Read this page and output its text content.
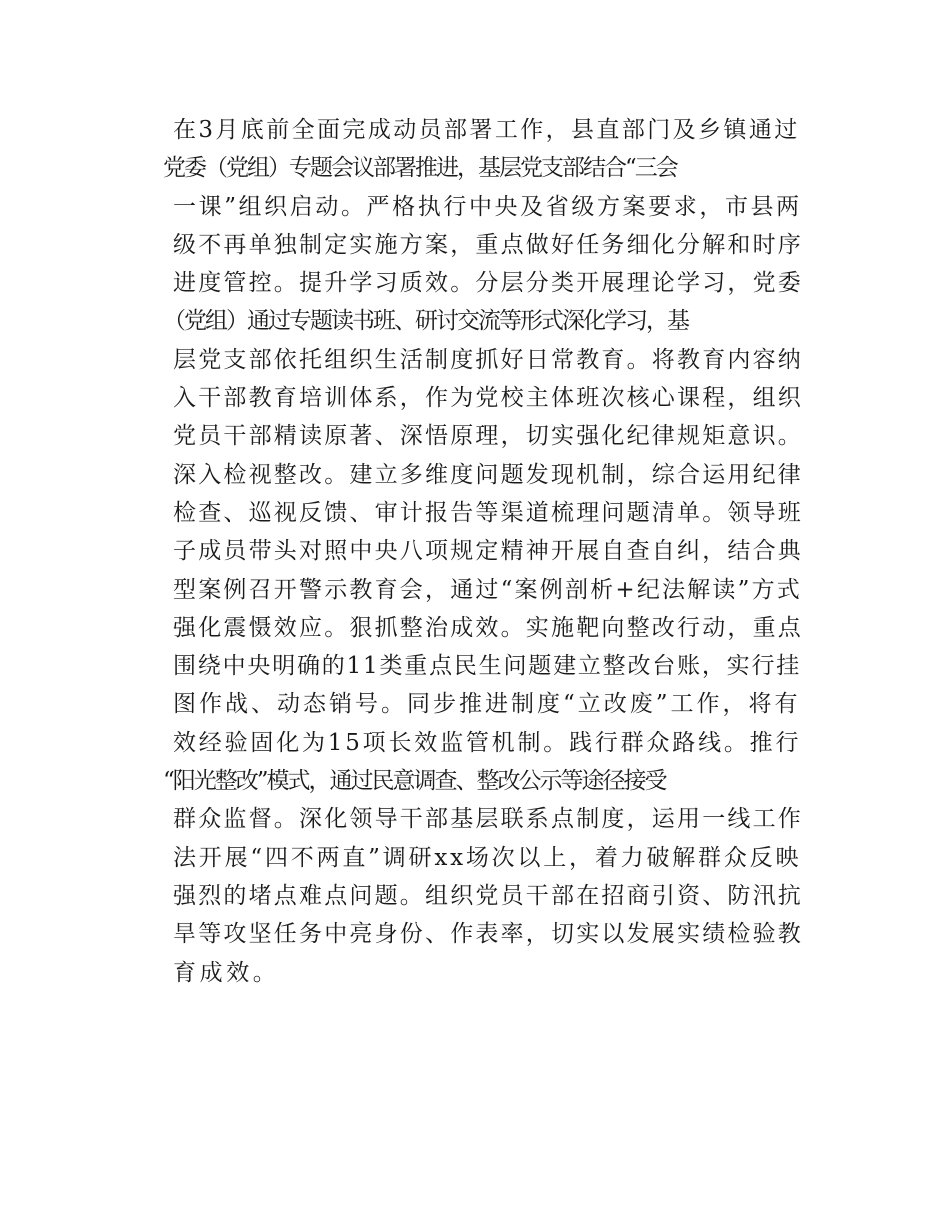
在3月底前全面完成动员部署工作，县直部门及乡镇通过
党委（党组）专题会议部署推进，基层党支部结合“三会
一课”组织启动。严格执行中央及省级方案要求，市县两
级不再单独制定实施方案，重点做好任务细化分解和时序
进度管控。提升学习质效。分层分类开展理论学习，党委
（党组）通过专题读书班、研讨交流等形式深化学习，基
层党支部依托组织生活制度抓好日常教育。将教育内容纳
入干部教育培训体系，作为党校主体班次核心课程，组织
党员干部精读原著、深悟原理，切实强化纪律规矩意识。
深入检视整改。建立多维度问题发现机制，综合运用纪律
检查、巡视反馈、审计报告等渠道梳理问题清单。领导班
子成员带头对照中央八项规定精神开展自查自纠，结合典
型案例召开警示教育会，通过“案例剖析+纪法解读”方式
强化震慑效应。狠抓整治成效。实施靶向整改行动，重点
围绕中央明确的11类重点民生问题建立整改台账，实行挂
图作战、动态销号。同步推进制度“立改废”工作，将有
效经验固化为15项长效监管机制。践行群众路线。推行
“阳光整改”模式，通过民意调查、整改公示等途径接受
群众监督。深化领导干部基层联系点制度，运用一线工作
法开展“四不两直”调研xx场次以上，着力破解群众反映
强烈的堵点难点问题。组织党员干部在招商引资、防汛抗
旱等攻坚任务中亮身份、作表率，切实以发展实绩检验教
育成效。
